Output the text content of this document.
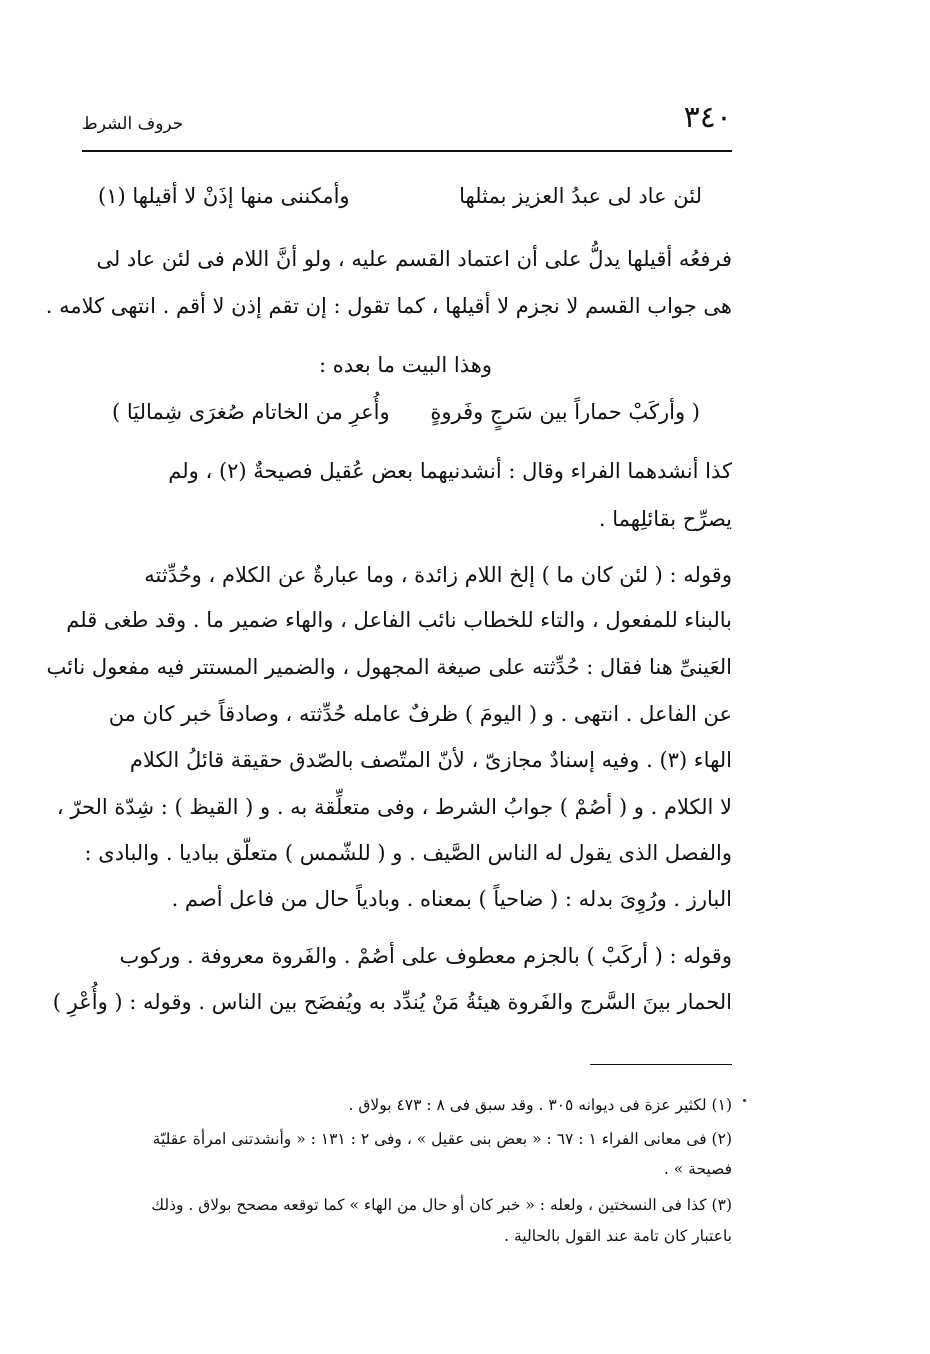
٣٤٠
حروف الشرط
لئن عاد لى عبدُ العزيز بمثلها
وأمكننى منها إذَنْ لا أقيلها (١)
فرفعُه أقيلها يدلُّ على أن اعتماد القسم عليه ، ولو أنَّ اللام فى لئن عاد لى
هى جواب القسم لا نجزم لا أقيلها ، كما تقول : إن تقم إذن لا أقم . انتهى كلامه .
وهذا البيت ما بعده :
( وأركَبْ حماراً بين سَرجٍ وفَروةٍ
وأُعرِ من الخاتام صُغرَى شِماليَا )
كذا أنشدهما الفراء وقال : أنشدنيهما بعض عُقيل فصيحةٌ (٢) ، ولم
يصرِّح بقائلِهما .
وقوله : ( لئن كان ما ) إلخ اللام زائدة ، وما عبارةٌ عن الكلام ، وحُدِّثته
بالبناء للمفعول ، والتاء للخطاب نائب الفاعل ، والهاء ضمير ما . وقد طغى قلم
العَينىِّ هنا فقال : حُدِّثته على صيغة المجهول ، والضمير المستتر فيه مفعول نائب
عن الفاعل . انتهى . و ( اليومَ ) ظرفٌ عامله حُدِّثته ، وصادقاً خبر كان من
الهاء (٣) . وفيه إسنادٌ مجازىّ ، لأنّ المتّصف بالصّدق حقيقة قائلُ الكلام
لا الكلام . و ( أصُمْ ) جوابُ الشرط ، وفى متعلِّقة به . و ( القيظ ) : شِدّة الحرّ ،
والفصل الذى يقول له الناس الصَّيف . و ( للشّمس ) متعلّق بباديا . والبادى :
البارز . ورُوِىَ بدله : ( ضاحياً ) بمعناه . وبادياً حال من فاعل أصم .
وقوله : ( أركَبْ ) بالجزم معطوف على أصُمْ . والفَروة معروفة . وركوب
الحمار بينَ السَّرج والفَروة هيئةُ مَنْ يُندِّد به ويُفضَح بين الناس . وقوله : ( وأُعْرِ )
(١) لكثير عزة فى ديوانه ٣٠٥ . وقد سبق فى ٨ : ٤٧٣ بولاق .
(٢) فى معانى الفراء ١ : ٦٧ : « بعض بنى عقيل » ، وفى ٢ : ١٣١ : « وأنشدتنى امرأة عقليّة
فصيحة » .
(٣) كذا فى النسختين ، ولعله : « خبر كان أو حال من الهاء » كما توقعه مصحح بولاق . وذلك
باعتبار كان تامة عند القول بالحالية .
